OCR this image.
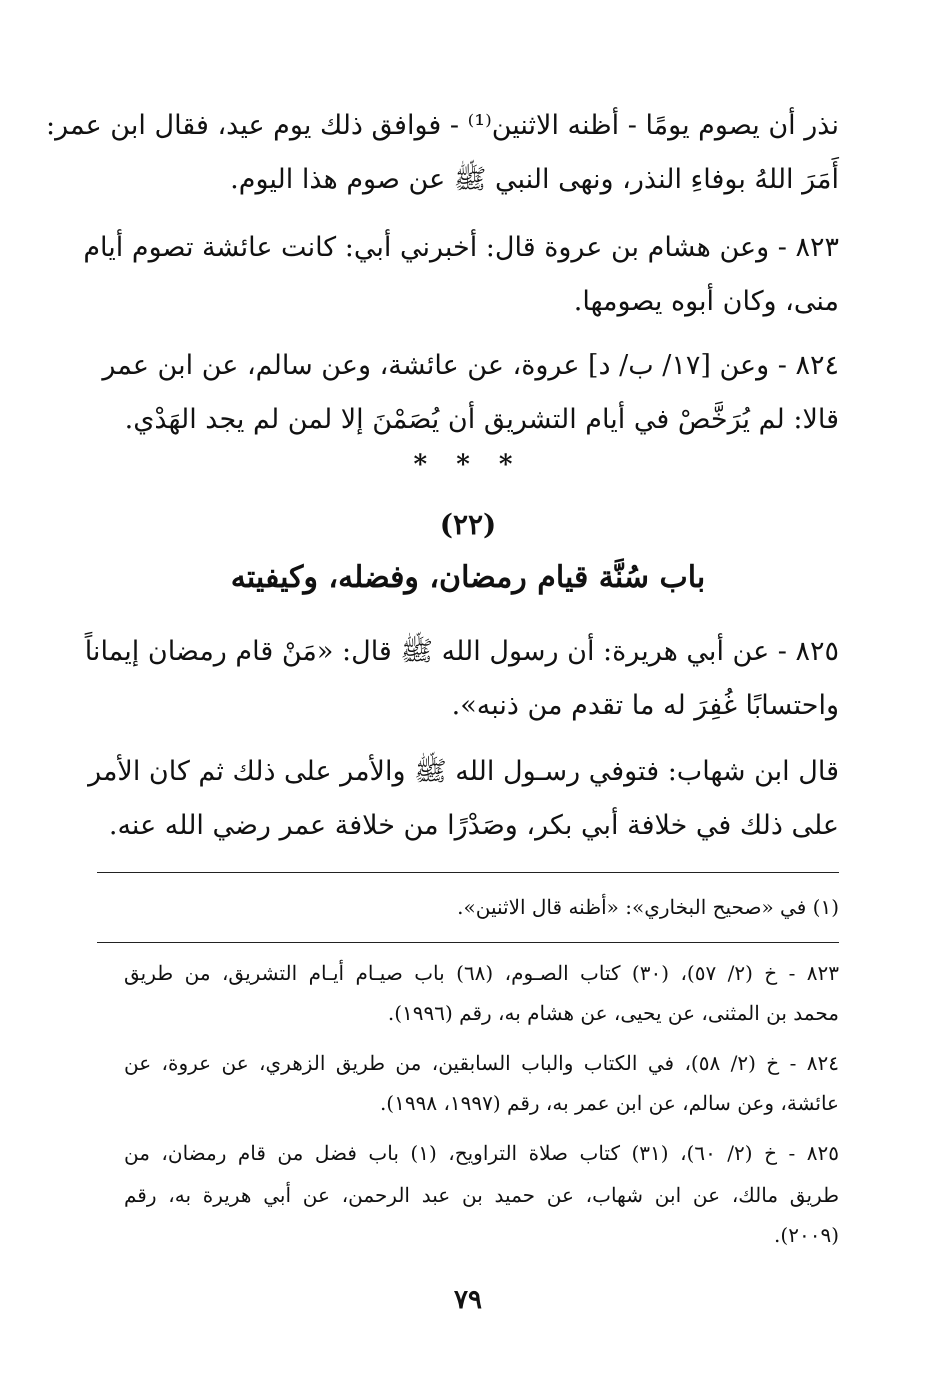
نذر أن يصوم يومًا - أظنه الاثنين⁽¹⁾ - فوافق ذلك يوم عيد، فقال ابن عمر:
أَمَرَ اللهُ بوفاءِ النذر، ونهى النبي ﷺ عن صوم هذا اليوم.
٨٢٣ - وعن هشام بن عروة قال: أخبرني أبي: كانت عائشة تصوم أيام
منى، وكان أبوه يصومها.
٨٢٤ - وعن [١٧/ ب/ د] عروة، عن عائشة، وعن سالم، عن ابن عمر
قالا: لم يُرَخَّصْ في أيام التشريق أن يُصَمْنَ إلا لمن لم يجد الهَدْي.
* * *
(٢٢)
باب سُنَّة قيام رمضان، وفضله، وكيفيته
٨٢٥ - عن أبي هريرة: أن رسول الله ﷺ قال: «مَنْ قام رمضان إيماناً
واحتسابًا غُفِرَ له ما تقدم من ذنبه».
قال ابن شهاب: فتوفي رسـول الله ﷺ والأمر على ذلك ثم كان الأمر
على ذلك في خلافة أبي بكر، وصَدْرًا من خلافة عمر رضي الله عنه.
(١) في «صحيح البخاري»: «أظنه قال الاثنين».
٨٢٣ - خ (٢/ ٥٧)، (٣٠) كتاب الصـوم، (٦٨) باب صيـام أيـام التشريق، من طريق
محمد بن المثنى، عن يحيى، عن هشام به، رقم (١٩٩٦).
٨٢٤ - خ (٢/ ٥٨)، في الكتاب والباب السابقين، من طريق الزهري، عن عروة، عن
عائشة، وعن سالم، عن ابن عمر به، رقم (١٩٩٧، ١٩٩٨).
٨٢٥ - خ (٢/ ٦٠)، (٣١) كتاب صلاة التراويح، (١) باب فضل من قام رمضان، من
طريق مالك، عن ابن شهاب، عن حميد بن عبد الرحمن، عن أبي هريرة به، رقم
(٢٠٠٩).
٧٩
